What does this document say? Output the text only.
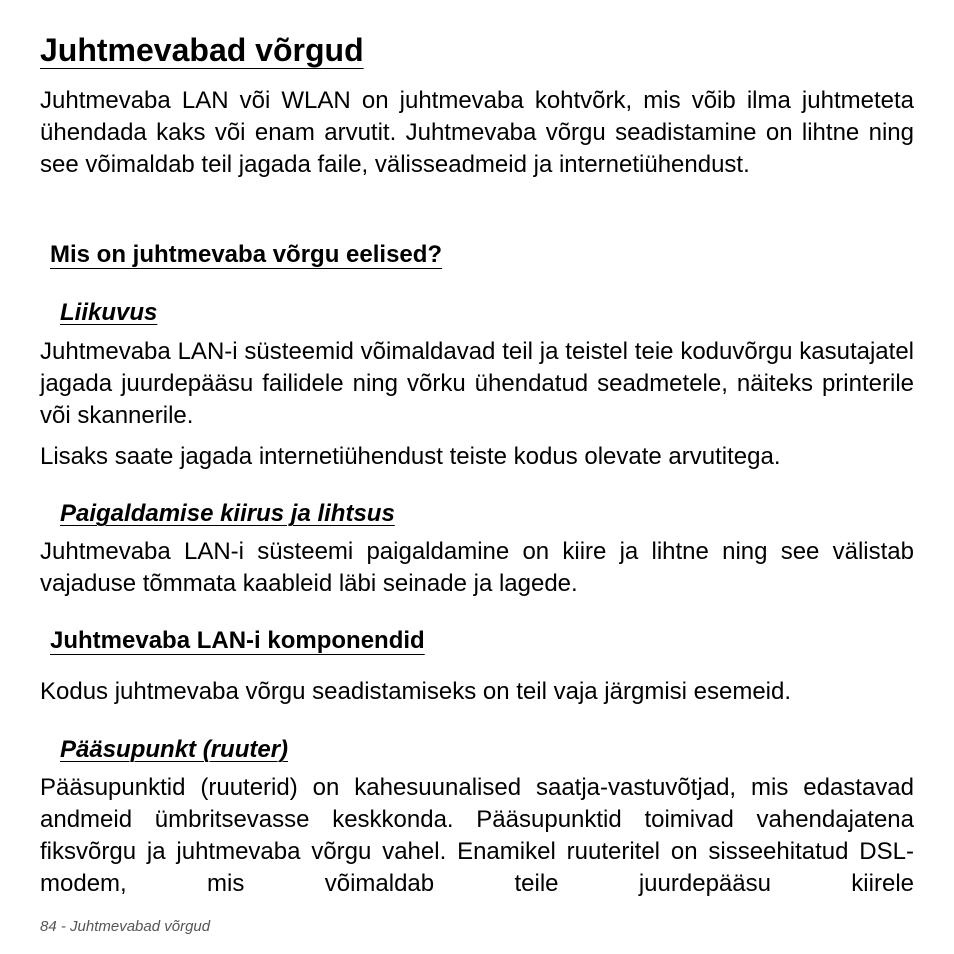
Juhtmevabad võrgud

Juhtmevaba LAN või WLAN on juhtmevaba kohtvõrk, mis võib ilma juhtmeteta ühendada kaks või enam arvutit. Juhtmevaba võrgu seadistamine on lihtne ning see võimaldab teil jagada faile, välisseadmeid ja internetiühendust.

Mis on juhtmevaba võrgu eelised?
Liikuvus

Juhtmevaba LAN-i süsteemid võimaldavad teil ja teistel teie koduvõrgu kasutajatel jagada juurdepääsu failidele ning võrku ühendatud seadmetele, näiteks printerile või skannerile.

Lisaks saate jagada internetiühendust teiste kodus olevate arvutitega.

Paigaldamise kiirus ja lihtsus

Juhtmevaba LAN-i süsteemi paigaldamine on kiire ja lihtne ning see välistab vajaduse tõmmata kaableid läbi seinade ja lagede.

Juhtmevaba LAN-i komponendid

Kodus juhtmevaba võrgu seadistamiseks on teil vaja järgmisi esemeid.

Pääsupunkt (ruuter)

Pääsupunktid (ruuterid) on kahesuunalised saatja-vastuvõtjad, mis edastavad andmeid ümbritsevasse keskkonda. Pääsupunktid toimivad vahendajatena fiksvõrgu ja juhtmevaba võrgu vahel. Enamikel ruuteritel on sisseehitatud DSL-modem, mis võimaldab teile juurdepääsu kiirele

84 - Juhtmevabad võrgud
